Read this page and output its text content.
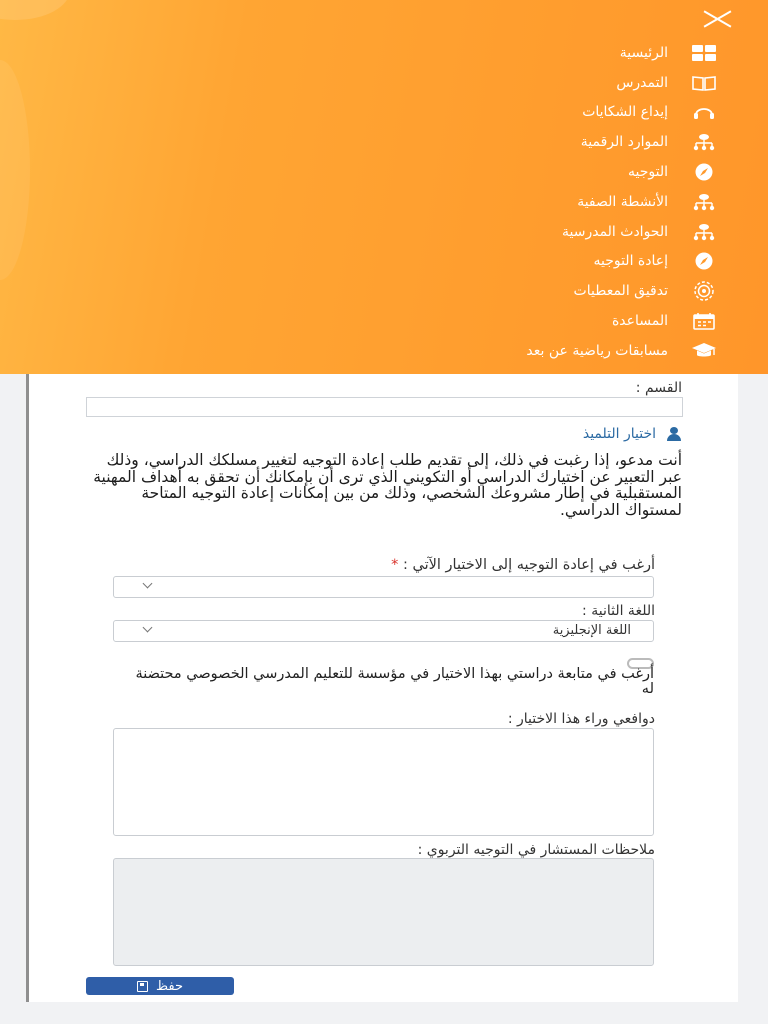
القسم :
اختيار التلميذ
أنت مدعو، إذا رغبت في ذلك، إلى تقديم طلب إعادة التوجيه لتغيير مسلكك الدراسي، وذلك عبر التعبير عن اختيارك الدراسي أو التكويني الذي ترى أن بإمكانك أن تحقق به أهداف المهنية المستقبلية في إطار مشروعك الشخصي، وذلك من بين إمكانات إعادة التوجيه المتاحة لمستواك الدراسي.
أرغب في إعادة التوجيه إلى الاختيار الآتي : *
اللغة الثانية :
اللغة الإنجليزية
أرغب في متابعة دراستي بهذا الاختيار في مؤسسة للتعليم المدرسي الخصوصي محتضنة له
دوافعي وراء هذا الاختيار :
ملاحظات المستشار في التوجيه التربوي :
حفظ
الرئيسية
التمدرس
إيداع الشكايات
الموارد الرقمية
التوجيه
الأنشطة الصفية
الحوادث المدرسية
إعادة التوجيه
تدقيق المعطيات
المساعدة
مسابقات رياضية عن بعد
